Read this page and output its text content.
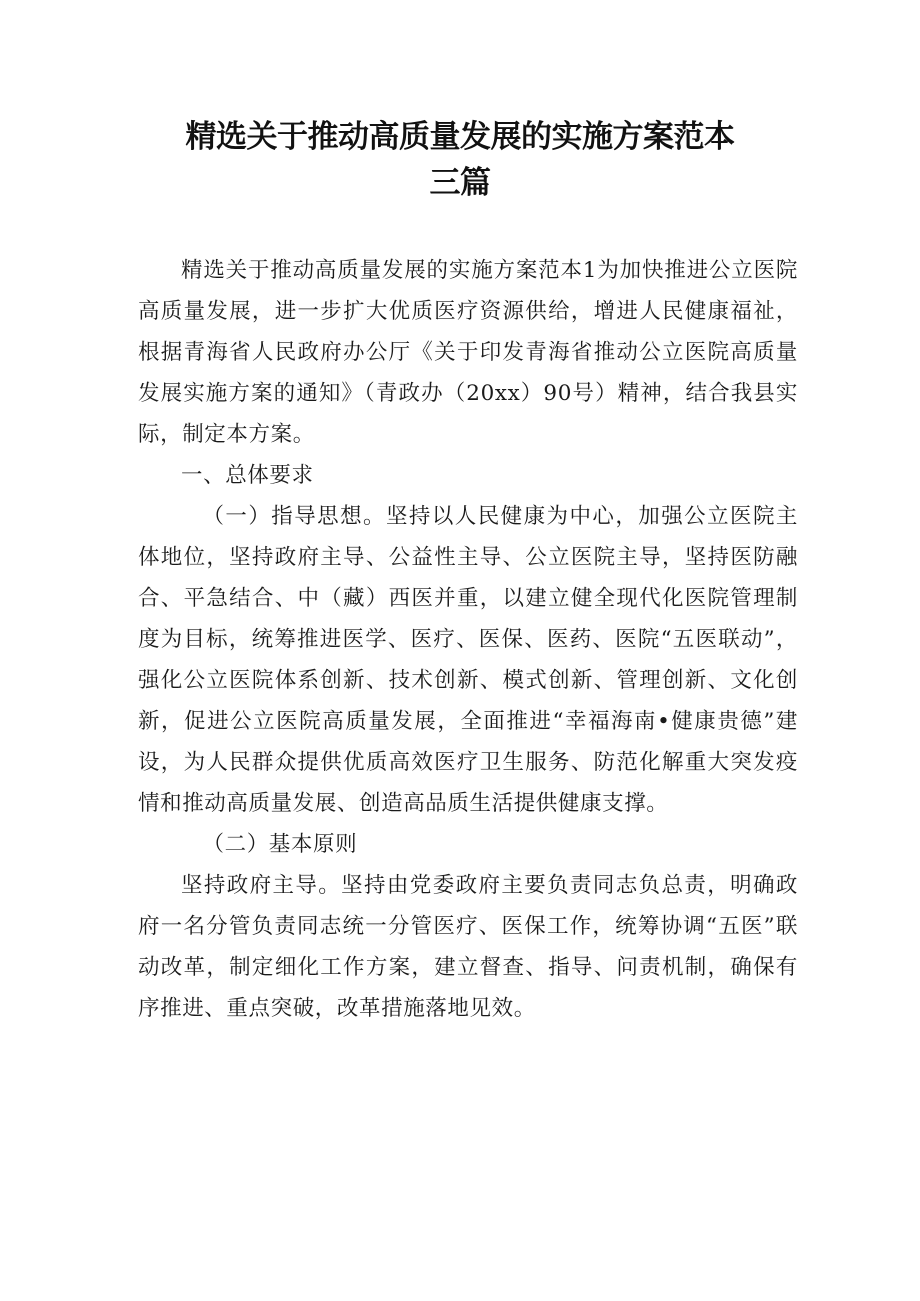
精选关于推动高质量发展的实施方案范本
三篇

精选关于推动高质量发展的实施方案范本1为加快推进公立医院高质量发展，进一步扩大优质医疗资源供给，增进人民健康福祉，根据青海省人民政府办公厅《关于印发青海省推动公立医院高质量发展实施方案的通知》（青政办（20xx）90号）精神，结合我县实际，制定本方案。

一、总体要求

（一）指导思想。坚持以人民健康为中心，加强公立医院主体地位，坚持政府主导、公益性主导、公立医院主导，坚持医防融合、平急结合、中（藏）西医并重，以建立健全现代化医院管理制度为目标，统筹推进医学、医疗、医保、医药、医院“五医联动”，强化公立医院体系创新、技术创新、模式创新、管理创新、文化创新，促进公立医院高质量发展，全面推进“幸福海南•健康贵德”建设，为人民群众提供优质高效医疗卫生服务、防范化解重大突发疫情和推动高质量发展、创造高品质生活提供健康支撑。

（二）基本原则

坚持政府主导。坚持由党委政府主要负责同志负总责，明确政府一名分管负责同志统一分管医疗、医保工作，统筹协调“五医”联动改革，制定细化工作方案，建立督查、指导、问责机制，确保有序推进、重点突破，改革措施落地见效。
